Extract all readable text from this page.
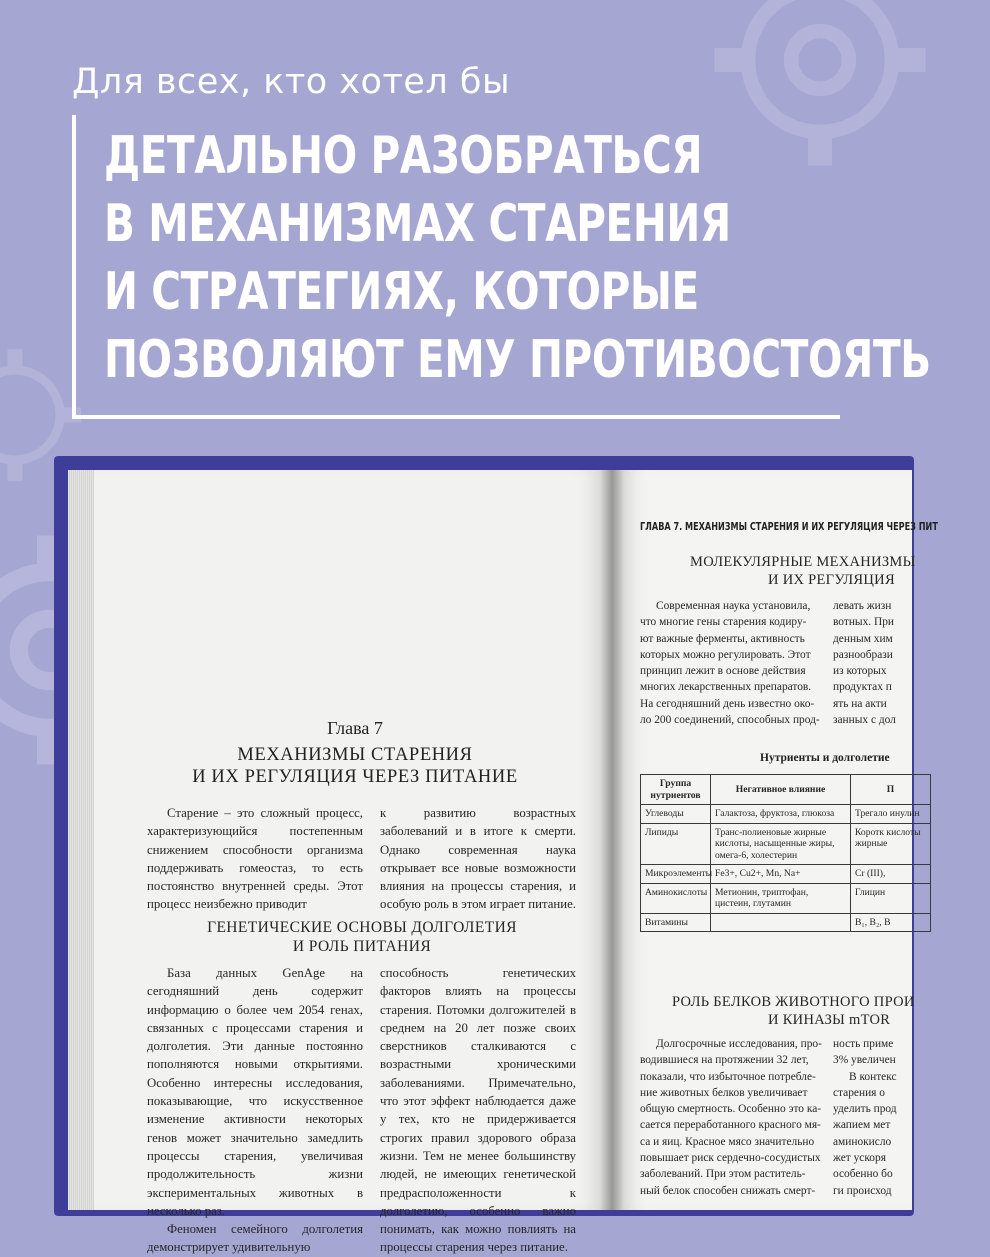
Для всех, кто хотел бы
ДЕТАЛЬНО РАЗОБРАТЬСЯ
В МЕХАНИЗМАХ СТАРЕНИЯ
И СТРАТЕГИЯХ, КОТОРЫЕ
ПОЗВОЛЯЮТ ЕМУ ПРОТИВОСТОЯТЬ
Глава 7
МЕХАНИЗМЫ СТАРЕНИЯ
И ИХ РЕГУЛЯЦИЯ ЧЕРЕЗ ПИТАНИЕ

Старение – это сложный процесс, характеризующийся постепенным снижением способности организма поддерживать гомеостаз, то есть постоянство внутренней среды. Этот процесс неизбежно приводит

к развитию возрастных заболеваний и в итоге к смерти. Однако современная наука открывает все новые возможности влияния на процессы старения, и особую роль в этом играет питание.

ГЕНЕТИЧЕСКИЕ ОСНОВЫ ДОЛГОЛЕТИЯ
И РОЛЬ ПИТАНИЯ

База данных GenAge на сегодняшний день содержит информацию о более чем 2054 генах, связанных с процессами старения и долголетия. Эти данные постоянно пополняются новыми открытиями. Особенно интересны исследования, показывающие, что искусственное изменение активности некоторых генов может значительно замедлить процессы старения, увеличивая продолжительность жизни экспериментальных животных в несколько раз.

Феномен семейного долголетия демонстрирует удивительную

способность генетических факторов влиять на процессы старения. Потомки долгожителей в среднем на 20 лет позже своих сверстников сталкиваются с возрастными хроническими заболеваниями. Примечательно, что этот эффект наблюдается даже у тех, кто не придерживается строгих правил здорового образа жизни. Тем не менее большинству людей, не имеющих генетической предрасположенности к долголетию, особенно важно понимать, как можно повлиять на процессы старения через питание.

ГЛАВА 7. МЕХАНИЗМЫ СТАРЕНИЯ И ИХ РЕГУЛЯЦИЯ ЧЕРЕЗ ПИТ
МОЛЕКУЛЯРНЫЕ МЕХАНИЗМЫ
И ИХ РЕГУЛЯЦИЯ
Современная наука установила,
что многие гены старения кодиру-
ют важные ферменты, активность
которых можно регулировать. Этот
принцип лежит в основе действия
многих лекарственных препаратов.
На сегодняшний день известно око-
ло 200 соединений, способных прод-
левать жизн
вотных. При
денным хим
разнообрази
из которых
продуктах п
ять на акти
занных с дол
Нутриенты и долголетие
Группа нутриентов	Негативное влияние	П
Углеводы	Галактоза, фруктоза, глюкоза	Трегало инулин
Липиды	Транс-полиеновые жирные кислоты, насыщенные жиры, омега-6, холестерин	Коротк кислоты жирные
Микроэлементы	Fe3+, Cu2+, Mn, Na+	Cr (III),
Аминокислоты	Метионин, триптофан, цистеин, глутамин	Глицин
Витамины		B₁, B₂, B
РОЛЬ БЕЛКОВ ЖИВОТНОГО ПРОИ
И КИНАЗЫ mTOR
Долгосрочные исследования, про-
водившиеся на протяжении 32 лет,
показали, что избыточное потребле-
ние животных белков увеличивает
общую смертность. Особенно это ка-
сается переработанного красного мя-
са и яиц. Красное мясо значительно
повышает риск сердечно-сосудистых
заболеваний. При этом раститель-
ный белок способен снижать смерт-
ность приме
3% увеличен
В контекс
старения о
уделить прод
жапием мет
аминокисло
жет ускоря
особенно бо
ги происход
